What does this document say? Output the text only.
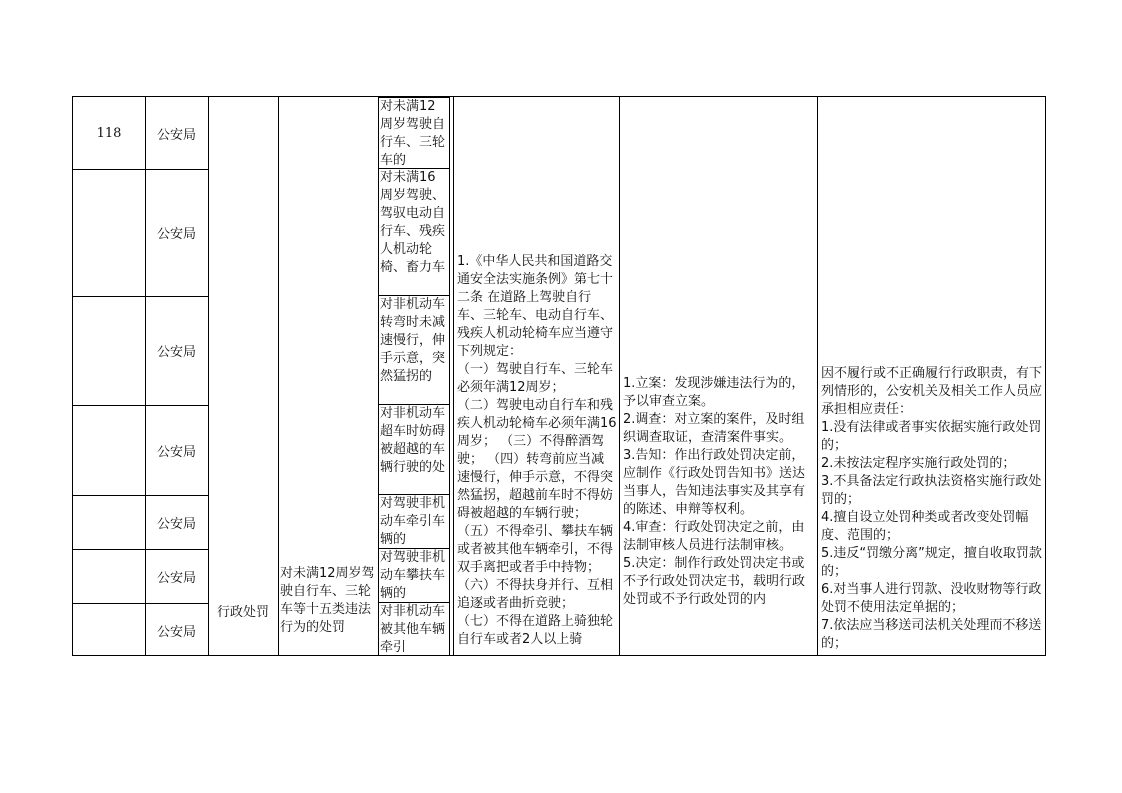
118	公安局
公安局
公安局
公安局
公安局
公安局
公安局
行政处罚
对未满12周岁驾驶自行车、三轮车等十五类违法行为的处罚
对未满12周岁驾驶自行车、三轮车的
对未满16周岁驾驶、驾驭电动自行车、残疾人机动轮椅、畜力车
对非机动车转弯时未减速慢行，伸手示意，突然猛拐的
对非机动车超车时妨碍被超越的车辆行驶的处
对驾驶非机动车牵引车辆的
对驾驶非机动车攀扶车辆的
对非机动车被其他车辆牵引

1.《中华人民共和国道路交通安全法实施条例》第七十二条 在道路上驾驶自行车、三轮车、电动自行车、残疾人机动轮椅车应当遵守下列规定：
（一）驾驶自行车、三轮车必须年满12周岁；
（二）驾驶电动自行车和残疾人机动轮椅车必须年满16周岁； （三）不得醉酒驾驶； （四）转弯前应当减速慢行，伸手示意，不得突然猛拐，超越前车时不得妨碍被超越的车辆行驶； （五）不得牵引、攀扶车辆或者被其他车辆牵引，不得双手离把或者手中持物；
（六）不得扶身并行、互相追逐或者曲折竞驶；
（七）不得在道路上骑独轮自行车或者2人以上骑

1.立案：发现涉嫌违法行为的，予以审查立案。
2.调查：对立案的案件，及时组织调查取证，查清案件事实。
3.告知：作出行政处罚决定前，应制作《行政处罚告知书》送达当事人，告知违法事实及其享有的陈述、申辩等权利。
4.审查：行政处罚决定之前，由法制审核人员进行法制审核。
5.决定：制作行政处罚决定书或不予行政处罚决定书，载明行政处罚或不予行政处罚的内

因不履行或不正确履行行政职责，有下列情形的，公安机关及相关工作人员应承担相应责任：
1.没有法律或者事实依据实施行政处罚的；
2.未按法定程序实施行政处罚的；
3.不具备法定行政执法资格实施行政处罚的；
4.擅自设立处罚种类或者改变处罚幅度、范围的；
5.违反“罚缴分离”规定，擅自收取罚款的；
6.对当事人进行罚款、没收财物等行政处罚不使用法定单据的；
7.依法应当移送司法机关处理而不移送的；
